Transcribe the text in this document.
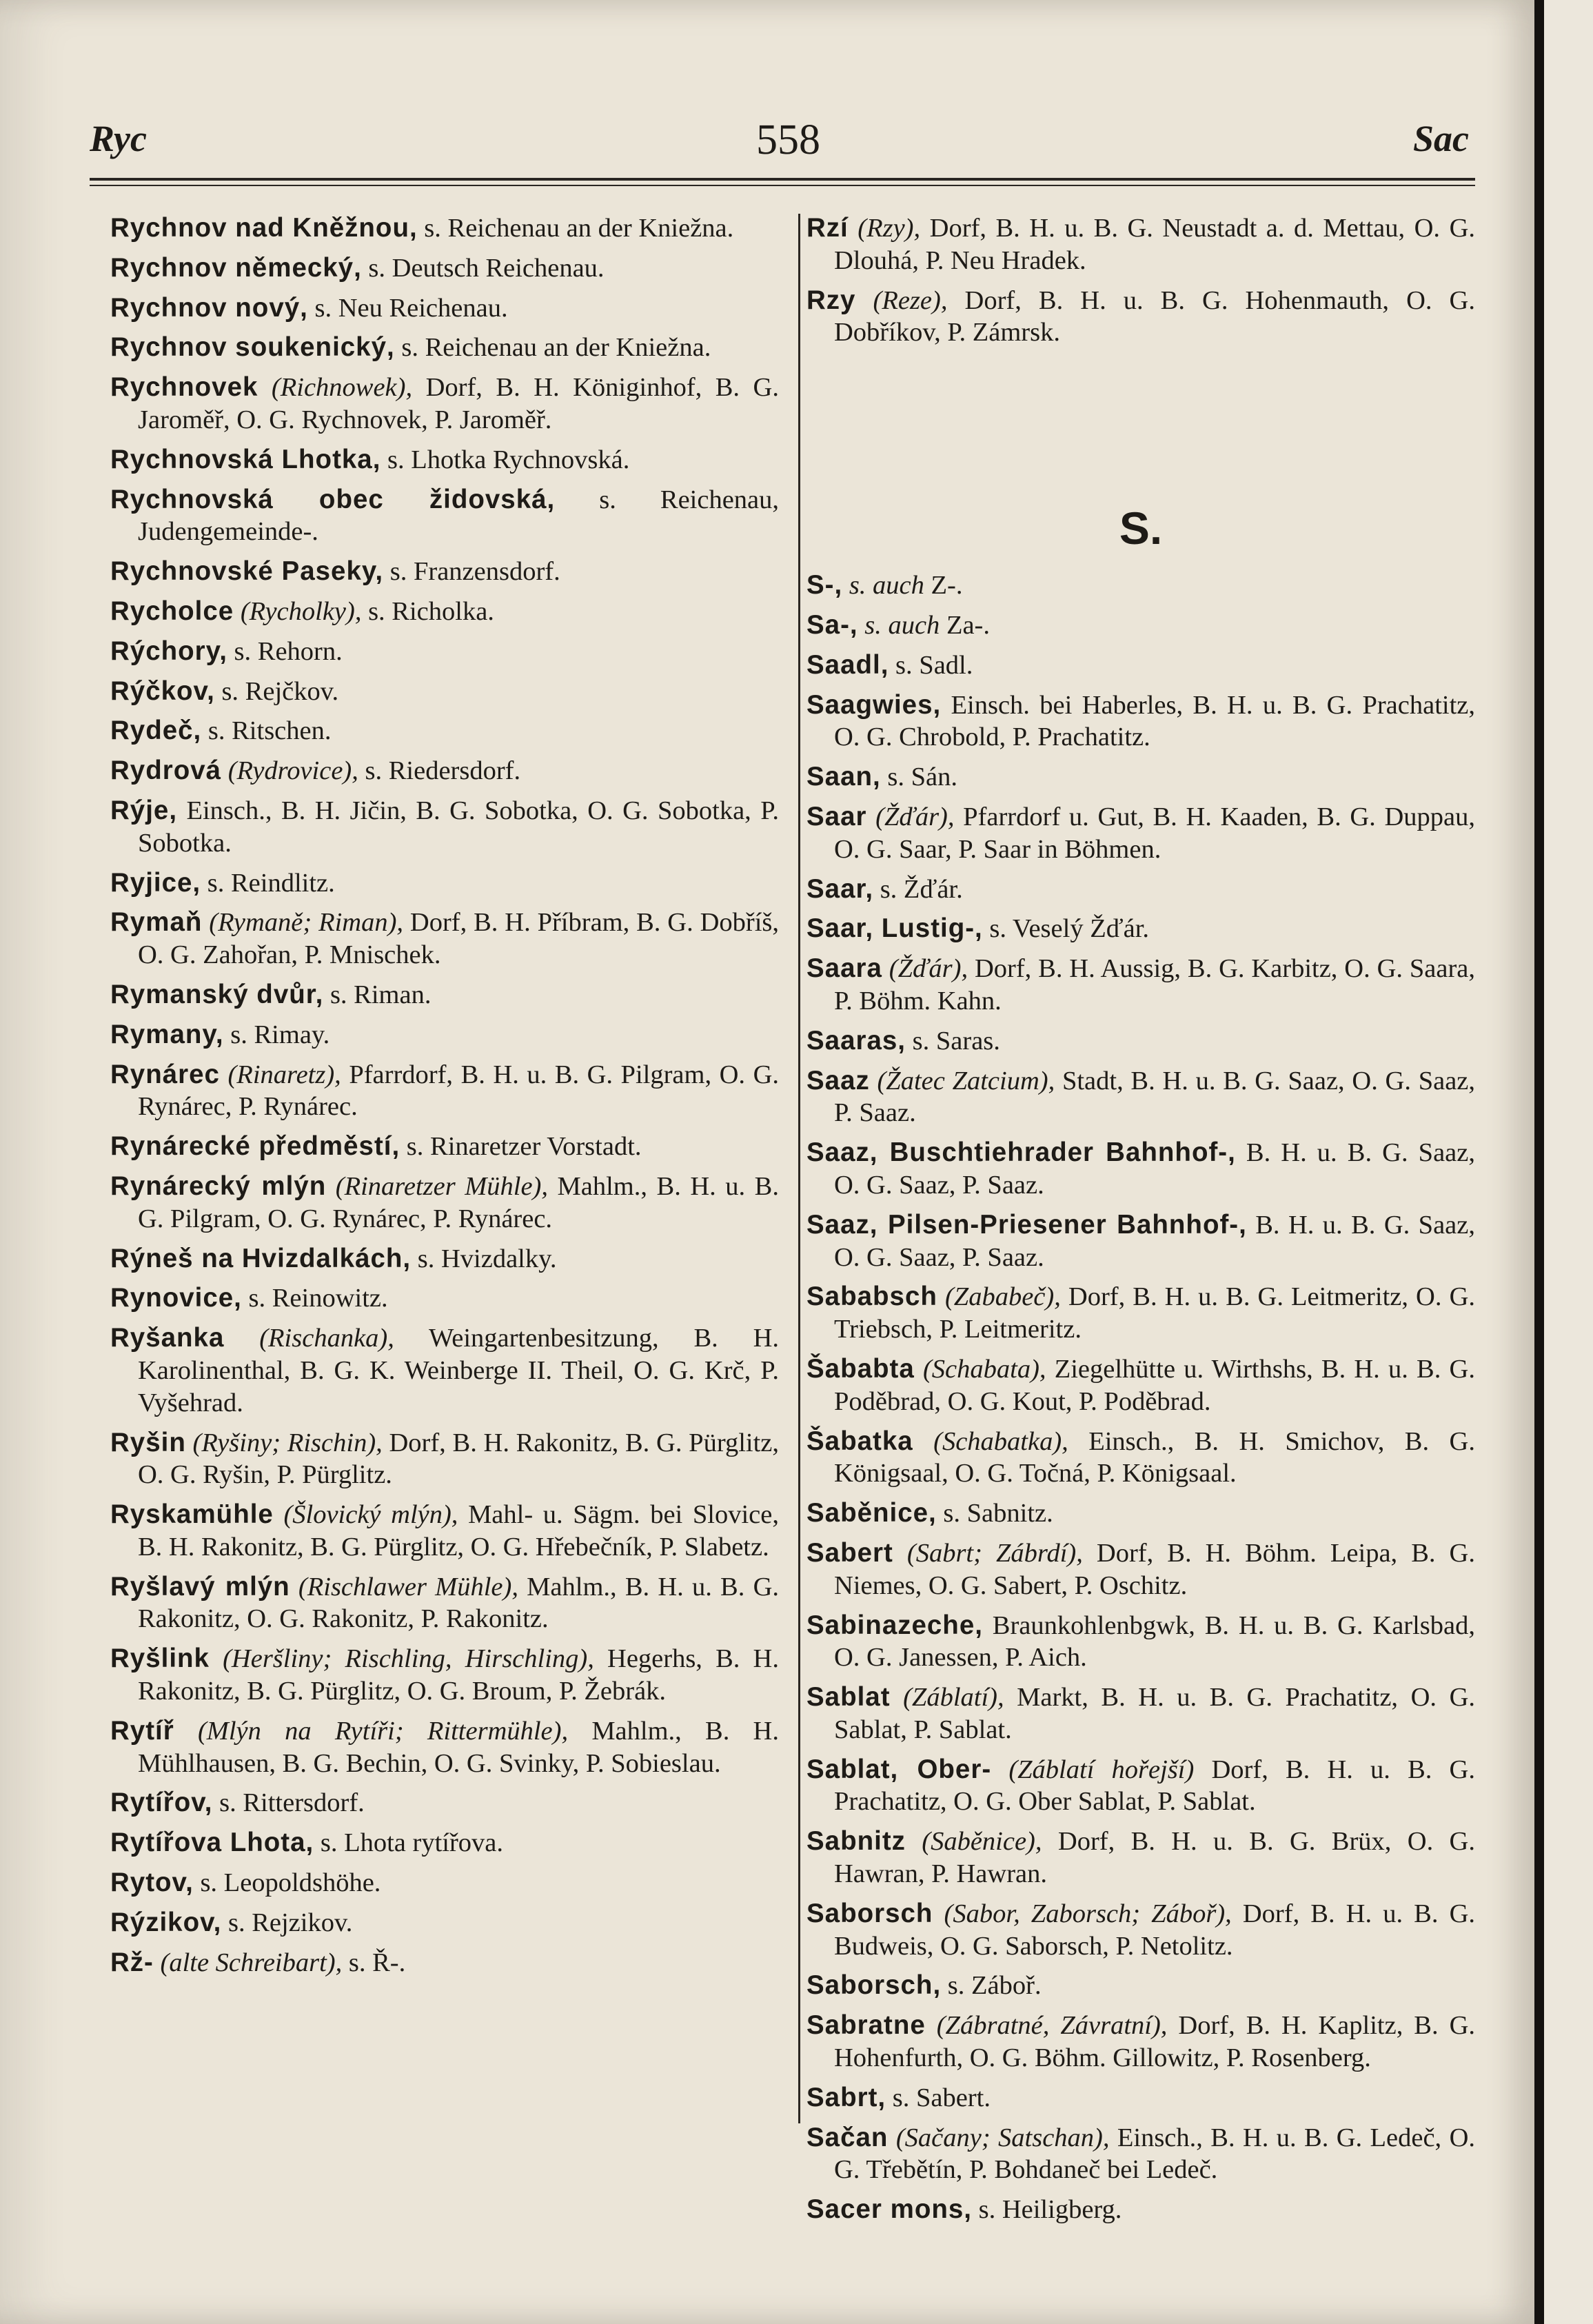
Ryc	558	Sac
Rychnov nad Kněžnou, s. Reichenau an der Kniežna.
Rychnov německý, s. Deutsch Reichenau.
Rychnov nový, s. Neu Reichenau.
Rychnov soukenický, s. Reichenau an der Kniežna.
Rychnovek (Richnowek), Dorf, B. H. Königinhof, B. G. Jaroměř, O. G. Rychnovek, P. Jaroměř.
Rychnovská Lhotka, s. Lhotka Rychnovská.
Rychnovská obec židovská, s. Reichenau, Judengemeinde-.
Rychnovské Paseky, s. Franzensdorf.
Rycholce (Rycholky), s. Richolka.
Rýchory, s. Rehorn.
Rýčkov, s. Rejčkov.
Rydeč, s. Ritschen.
Rydrová (Rydrovice), s. Riedersdorf.
Rýje, Einsch., B. H. Jičin, B. G. Sobotka, O. G. Sobotka, P. Sobotka.
Ryjice, s. Reindlitz.
Rymaň (Rymaně; Riman), Dorf, B. H. Příbram, B. G. Dobříš, O. G. Zahořan, P. Mnischek.
Rymanský dvůr, s. Riman.
Rymany, s. Rimay.
Rynárec (Rinaretz), Pfarrdorf, B. H. u. B. G. Pilgram, O. G. Rynárec, P. Rynárec.
Rynárecké předměstí, s. Rinaretzer Vorstadt.
Rynárecký mlýn (Rinaretzer Mühle), Mahlm., B. H. u. B. G. Pilgram, O. G. Rynárec, P. Rynárec.
Rýneš na Hvizdalkách, s. Hvizdalky.
Rynovice, s. Reinowitz.
Ryšanka (Rischanka), Weingartenbesitzung, B. H. Karolinenthal, B. G. K. Weinberge II. Theil, O. G. Krč, P. Vyšehrad.
Ryšin (Ryšiny; Rischin), Dorf, B. H. Rakonitz, B. G. Pürglitz, O. G. Ryšin, P. Pürglitz.
Ryskamühle (Šlovický mlýn), Mahl- u. Sägm. bei Slovice, B. H. Rakonitz, B. G. Pürglitz, O. G. Hřebečník, P. Slabetz.
Ryšlavý mlýn (Rischlawer Mühle), Mahlm., B. H. u. B. G. Rakonitz, O. G. Rakonitz, P. Rakonitz.
Ryšlink (Heršliny; Rischling, Hirschling), Hegerhs, B. H. Rakonitz, B. G. Pürglitz, O. G. Broum, P. Žebrák.
Rytíř (Mlýn na Rytíři; Rittermühle), Mahlm., B. H. Mühlhausen, B. G. Bechin, O. G. Svinky, P. Sobieslau.
Rytířov, s. Rittersdorf.
Rytířova Lhota, s. Lhota rytířova.
Rytov, s. Leopoldshöhe.
Rýzikov, s. Rejzikov.
Rž- (alte Schreibart), s. Ř-.
Rzí (Rzy), Dorf, B. H. u. B. G. Neustadt a. d. Mettau, O. G. Dlouhá, P. Neu Hradek.
Rzy (Reze), Dorf, B. H. u. B. G. Hohenmauth, O. G. Dobříkov, P. Zámrsk.
S.
S-, s. auch Z-.
Sa-, s. auch Za-.
Saadl, s. Sadl.
Saagwies, Einsch. bei Haberles, B. H. u. B. G. Prachatitz, O. G. Chrobold, P. Prachatitz.
Saan, s. Sán.
Saar (Žďár), Pfarrdorf u. Gut, B. H. Kaaden, B. G. Duppau, O. G. Saar, P. Saar in Böhmen.
Saar, s. Žďár.
Saar, Lustig-, s. Veselý Žďár.
Saara (Žďár), Dorf, B. H. Aussig, B. G. Karbitz, O. G. Saara, P. Böhm. Kahn.
Saaras, s. Saras.
Saaz (Žatec Zatcium), Stadt, B. H. u. B. G. Saaz, O. G. Saaz, P. Saaz.
Saaz, Buschtiehrader Bahnhof-, B. H. u. B. G. Saaz, O. G. Saaz, P. Saaz.
Saaz, Pilsen-Priesener Bahnhof-, B. H. u. B. G. Saaz, O. G. Saaz, P. Saaz.
Sababsch (Zababeč), Dorf, B. H. u. B. G. Leitmeritz, O. G. Triebsch, P. Leitmeritz.
Šababta (Schabata), Ziegelhütte u. Wirthshs, B. H. u. B. G. Poděbrad, O. G. Kout, P. Poděbrad.
Šabatka (Schabatka), Einsch., B. H. Smichov, B. G. Königsaal, O. G. Točná, P. Königsaal.
Saběnice, s. Sabnitz.
Sabert (Sabrt; Zábrdí), Dorf, B. H. Böhm. Leipa, B. G. Niemes, O. G. Sabert, P. Oschitz.
Sabinazeche, Braunkohlenbgwk, B. H. u. B. G. Karlsbad, O. G. Janessen, P. Aich.
Sablat (Záblatí), Markt, B. H. u. B. G. Prachatitz, O. G. Sablat, P. Sablat.
Sablat, Ober- (Záblatí hořejší) Dorf, B. H. u. B. G. Prachatitz, O. G. Ober Sablat, P. Sablat.
Sabnitz (Saběnice), Dorf, B. H. u. B. G. Brüx, O. G. Hawran, P. Hawran.
Saborsch (Sabor, Zaborsch; Záboř), Dorf, B. H. u. B. G. Budweis, O. G. Saborsch, P. Netolitz.
Saborsch, s. Záboř.
Sabratne (Zábratné, Závratní), Dorf, B. H. Kaplitz, B. G. Hohenfurth, O. G. Böhm. Gillowitz, P. Rosenberg.
Sabrt, s. Sabert.
Sačan (Sačany; Satschan), Einsch., B. H. u. B. G. Ledeč, O. G. Třebětín, P. Bohdaneč bei Ledeč.
Sacer mons, s. Heiligberg.
